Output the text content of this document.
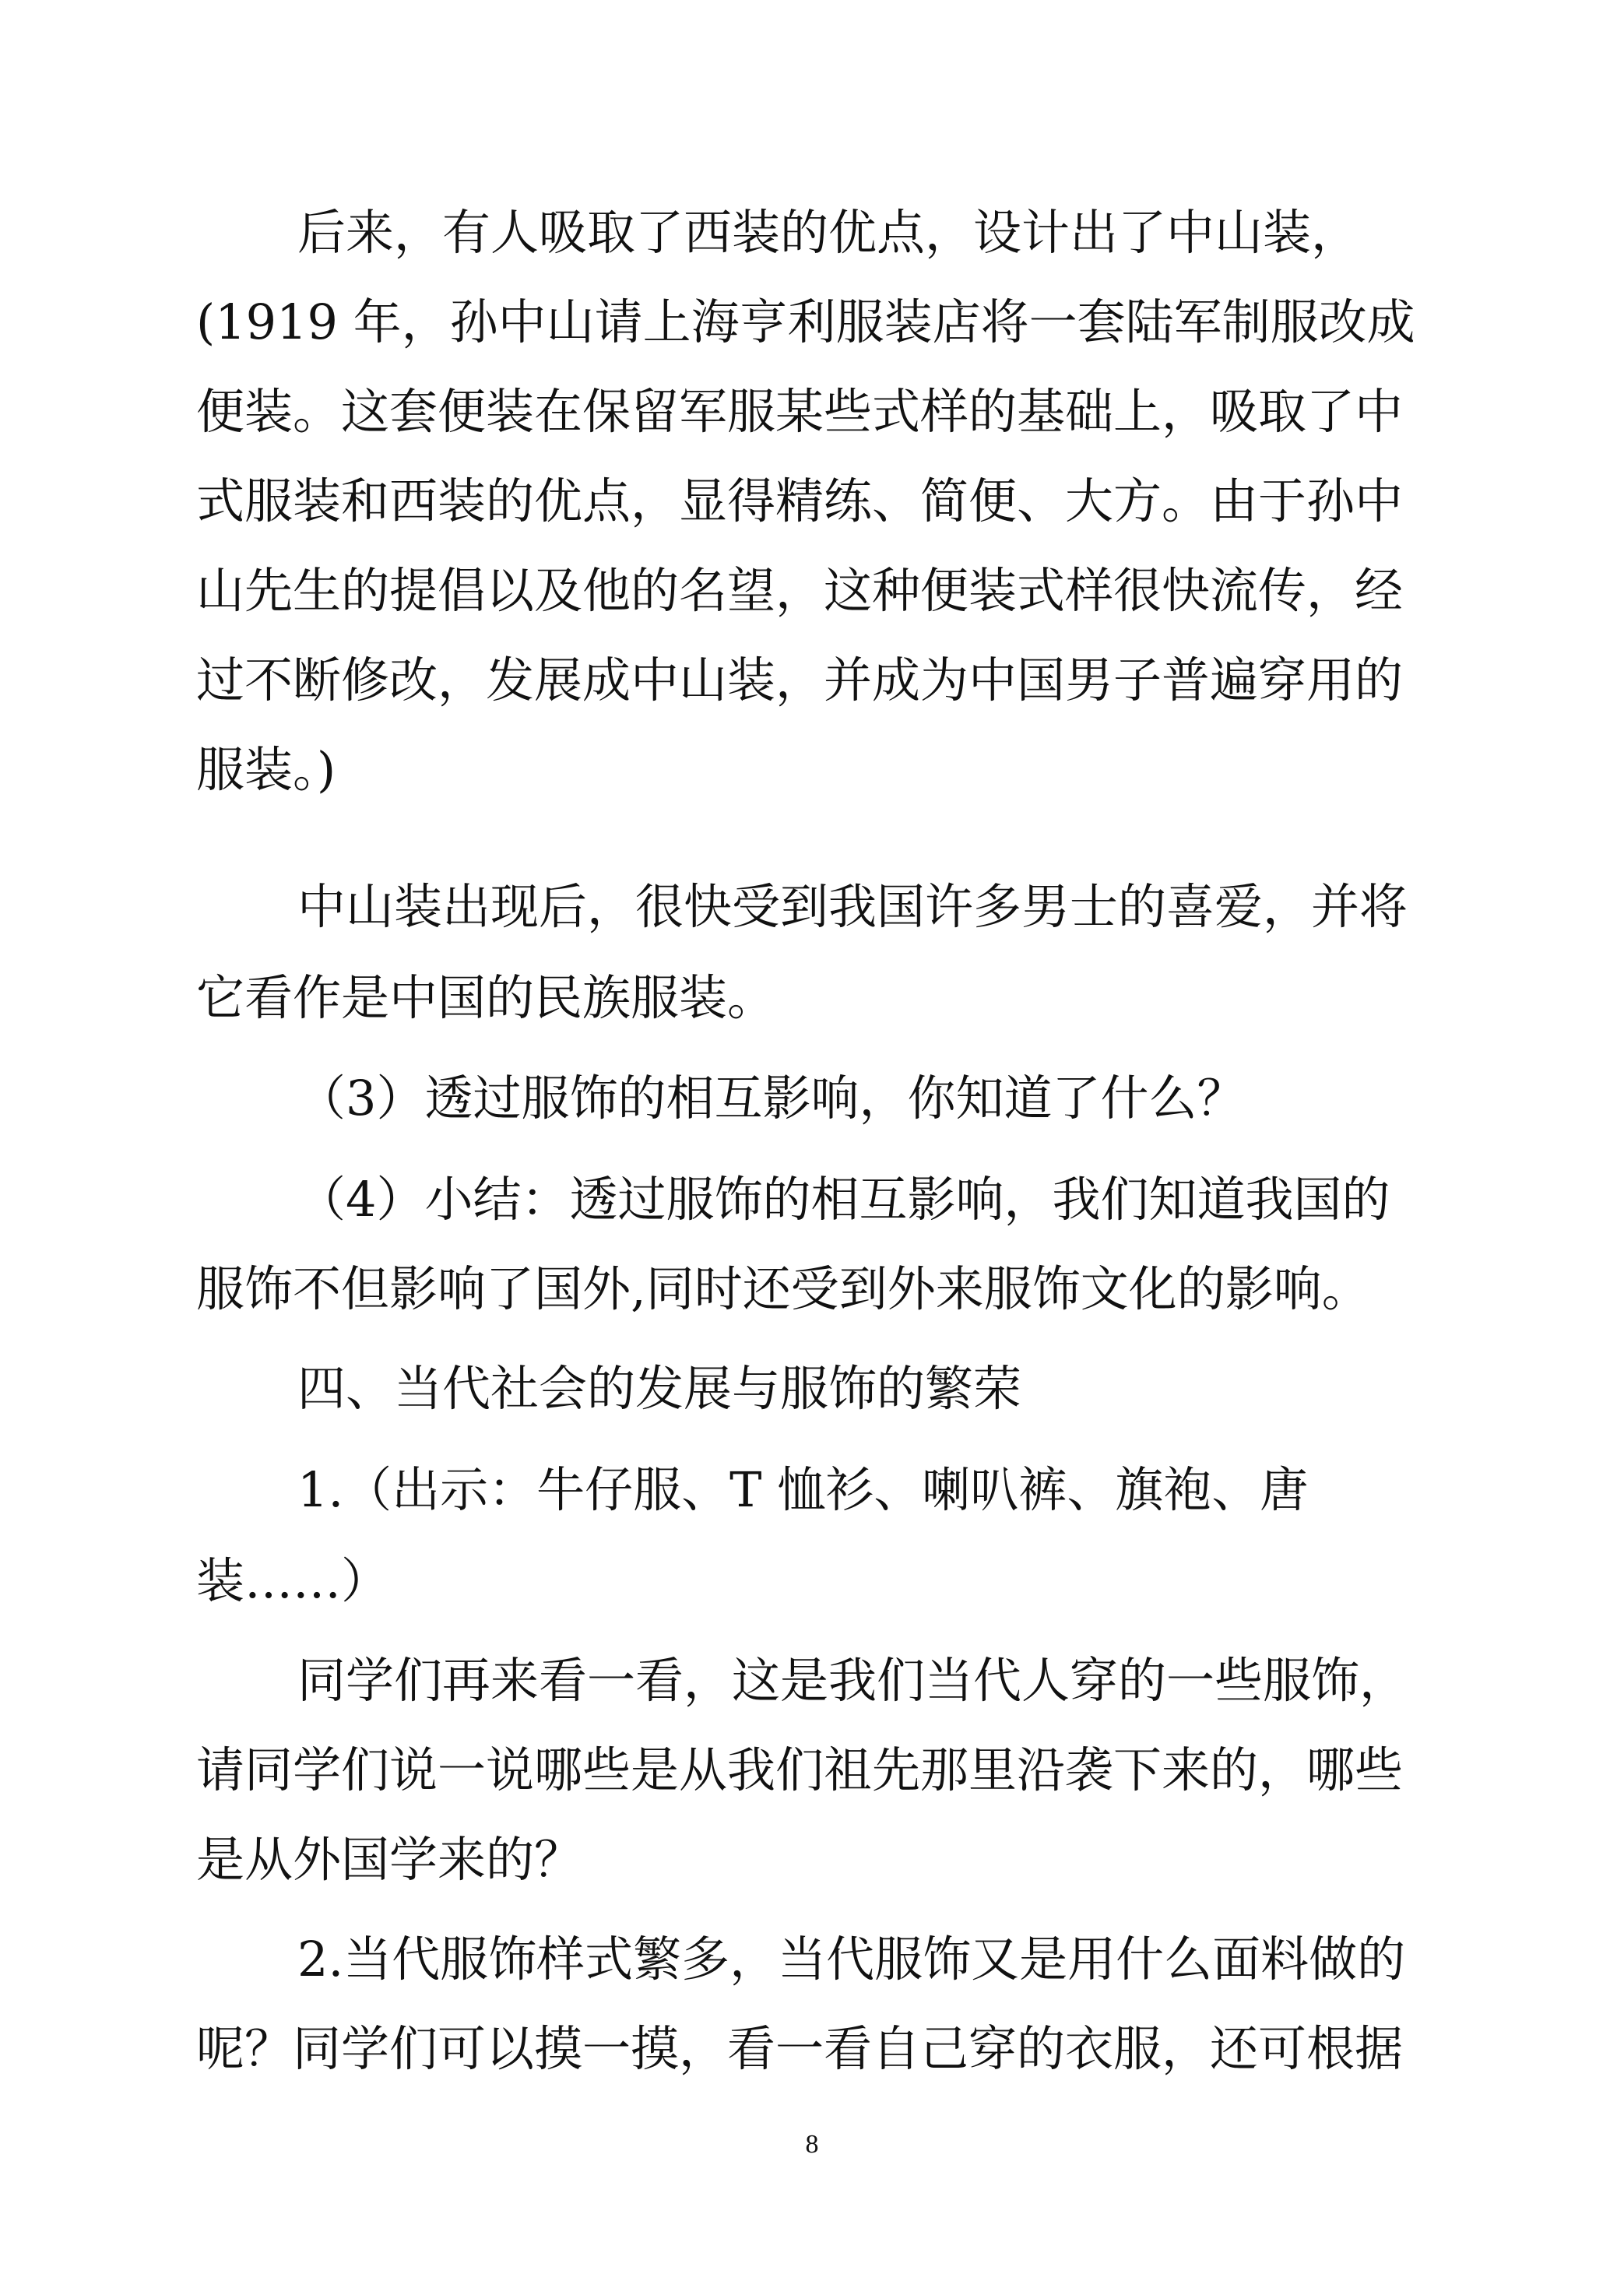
后来，有人吸取了西装的优点，设计出了中山装，
(1919 年，孙中山请上海亨利服装店将一套陆军制服改成
便装。这套便装在保留军服某些式样的基础上，吸取了中
式服装和西装的优点，显得精练、简便、大方。由于孙中
山先生的提倡以及他的名望，这种便装式样很快流传，经
过不断修改，发展成中山装，并成为中国男子普遍穿用的
服装。)
中山装出现后，很快受到我国许多男士的喜爱，并将
它看作是中国的民族服装。
（3）透过服饰的相互影响，你知道了什么？
（4）小结：透过服饰的相互影响，我们知道我国的
服饰不但影响了国外,同时还受到外来服饰文化的影响。
四、当代社会的发展与服饰的繁荣
1.（出示：牛仔服、T 恤衫、喇叭裤、旗袍、唐
装……）
同学们再来看一看，这是我们当代人穿的一些服饰，
请同学们说一说哪些是从我们祖先那里沿袭下来的，哪些
是从外国学来的？
2.当代服饰样式繁多，当代服饰又是用什么面料做的
呢？同学们可以摸一摸，看一看自己穿的衣服，还可根据
8
